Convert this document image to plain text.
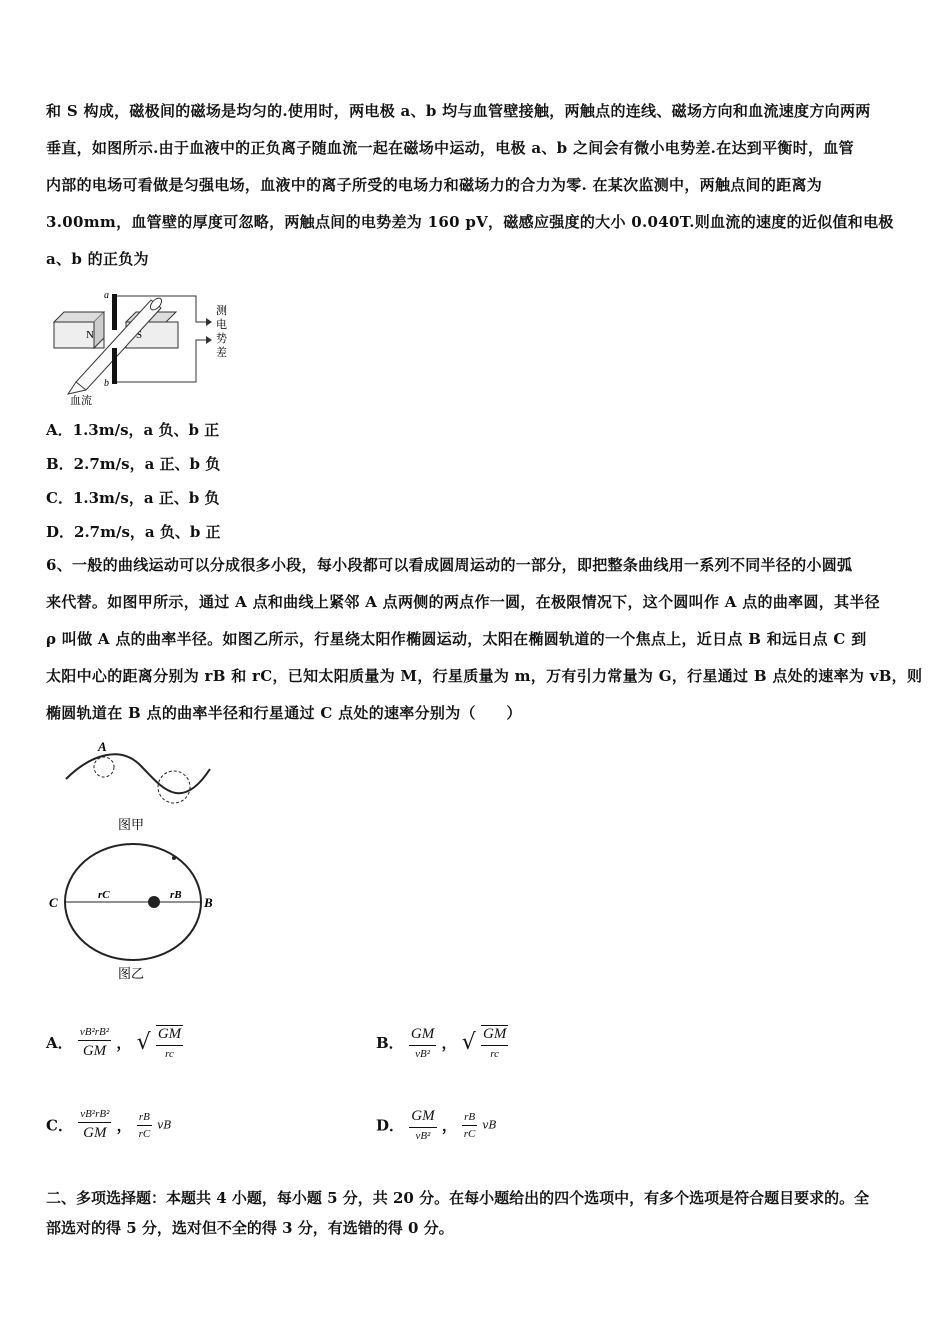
和 S 构成，磁极间的磁场是均匀的.使用时，两电极 a、b 均与血管壁接触，两触点的连线、磁场方向和血流速度方向两两
垂直，如图所示.由于血液中的正负离子随血流一起在磁场中运动，电极 a、b 之间会有微小电势差.在达到平衡时，血管
内部的电场可看做是匀强电场，血液中的离子所受的电场力和磁场力的合力为零. 在某次监测中，两触点间的距离为
3.00mm，血管壁的厚度可忽略，两触点间的电势差为 160 pV，磁感应强度的大小 0.040T.则血流的速度的近似值和电极
a、b 的正负为
N	S
a
b
测
电
势
差
血流
A．1.3m/s，a 负、b 正
B．2.7m/s，a 正、b 负
C．1.3m/s，a 正、b 负
D．2.7m/s，a 负、b 正
6、一般的曲线运动可以分成很多小段，每小段都可以看成圆周运动的一部分，即把整条曲线用一系列不同半径的小圆弧
来代替。如图甲所示，通过 A 点和曲线上紧邻 A 点两侧的两点作一圆，在极限情况下，这个圆叫作 A 点的曲率圆，其半径
ρ 叫做 A 点的曲率半径。如图乙所示，行星绕太阳作椭圆运动，太阳在椭圆轨道的一个焦点上，近日点 B 和远日点 C 到
太阳中心的距离分别为 rB 和 rC，已知太阳质量为 M，行星质量为 m，万有引力常量为 G，行星通过 B 点处的速率为 vB，则
椭圆轨道在 B 点的曲率半径和行星通过 C 点处的速率分别为（　　）
A
图甲
C	B
rC	rB
图乙
A． $\frac{\text{vB²rB²}}{GM}$ ， √ $\frac{GM}{rc}$	B． $\frac{GM}{\text{vB²}}$ ， √ $\frac{GM}{rc}$
C． $\frac{\text{vB²rB²}}{GM}$ ， $\frac{rB}{rC}$ vB	D． $\frac{GM}{\text{vB²}}$ ， $\frac{rB}{rC}$ vB
二、多项选择题：本题共 4 小题，每小题 5 分，共 20 分。在每小题给出的四个选项中，有多个选项是符合题目要求的。全
部选对的得 5 分，选对但不全的得 3 分，有选错的得 0 分。
